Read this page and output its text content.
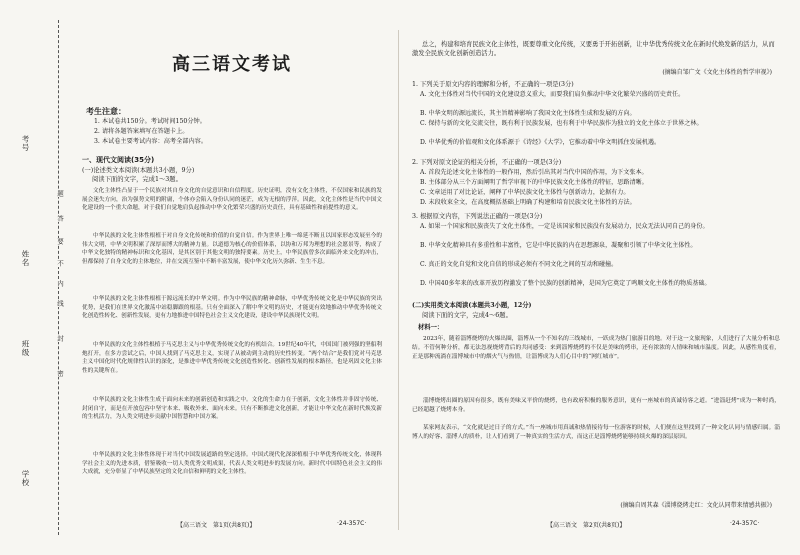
学校
班级
姓名
考号
密
封
线
内
不
要
答
题
高三语文考试
考生注意：
1. 本试卷共150分。考试时间150分钟。
2. 请将各题答案填写在答题卡上。
3. 本试卷主要考试内容：高考全部内容。
一、现代文阅读(35分)
(一)论述类文本阅读(本题共3小题，9分)
阅读下面的文字，完成1～3题。

文化主体性凸显于一个民族对其自身文化的自觉意识和自信程度。历史证明，没有文化主体性，不仅国家和民族的发展会迷失方向，治为强势文明的附庸，个体亦会陷入身份认同的迷茫，成为无根的浮萍。因此，文化主体性是当代中国文化建设的一个重大命题，对于我们自觉地肩负起推动中华文化繁荣兴盛的历史责任，具有基础性和前提性的意义。

中华民族的文化主体性根植于对自身文化传统和价值的自觉自信。作为世界上唯一绵延不断且以国家形态发展至今的伟大文明，中华文明积累了深厚而博大的精神力量。以道德为核心的价值体系，以协和万邦为理想的社会愿景等，构成了中华文化独特的精神标识和文化基因，是其区别于其他文明的独特要素。历史上，中华民族曾多次面临外来文化的冲击，但都保持了自身文化的主体地位，并在交流互鉴中不断丰富发展，使中华文化历久弥新、生生不息。

中华民族的文化主体性根植于源远流长的中华文明。作为中华民族的精神命脉，中华优秀传统文化是中华民族的突出优势，是我们在世界文化激荡中站稳脚跟的根基。只有全面深入了解中华文明的历史，才能更有效地推动中华优秀传统文化创造性转化、创新性发展，更有力地推进中国特色社会主义文化建设，建设中华民族现代文明。

中华民族的文化主体性根植于马克思主义与中华优秀传统文化的有机结合。19世纪40年代，中国国门被列强的坚船利炮打开，在多方尝试之后，中国人找到了马克思主义，实现了从被动到主动的历史性转变。“两个结合”是我们党对马克思主义中国化时代化规律性认识的深化，是推进中华优秀传统文化创造性转化、创新性发展的根本路径，也是巩固文化主体性的关键所在。

中华民族的文化主体性生成于面向未来的创新创造和实践之中。文化的生命力在于创新，文化主体性并非固守传统、封闭自守，而是在开放包容中坚守本来、吸收外来、面向未来。只有不断推进文化创新，才能让中华文化在新时代焕发新的生机活力，为人类文明进步贡献中国智慧和中国方案。

中华民族的文化主体性体现于对当代中国发展道路的坚定选择。中国式现代化深深植根于中华优秀传统文化，体现科学社会主义的先进本质，借鉴吸收一切人类优秀文明成果，代表人类文明进步的发展方向。新时代中国特色社会主义的伟大成就，充分彰显了中华民族坚定的文化自信和鲜明的文化主体性。

【高三语文　第1页(共8页)】	·24-357C·

总之，构建和培育民族文化主体性，既要尊重文化传统，又要勇于开拓创新，让中华优秀传统文化在新时代焕发新的活力，从而激发全民族文化创新创造活力。

(摘编自邹广文《文化主体性的哲学审视》)

1. 下列关于原文内容的理解和分析，不正确的一项是(3分)

A. 文化主体性对当代中国的文化建设意义重大，而要我们肩负推动中华文化繁荣兴盛的历史责任。

B. 中华文明的源远流长，其主旨精神影响了我国文化主体性生成和发展的方向。

C. 保持与新的文化交流交往，既有利于民族发展，也有利于中华民族作为独立的文化主体立于世界之林。

D. 中华优秀的价值观和文化体系源于《诗经》《大学》，它推动着中华文明抓住发展机遇。

2. 下列对原文论证的相关分析，不正确的一项是(3分)

A. 首段先论述文化主体性的一般作用，然后引出其对当代中国的作用，为下文张本。

B. 主体部分从三个方面阐明了哲学审视下的中华民族文化主体性的特征，思路清晰。

C. 文章运用了对比论证，阐释了中华民族文化主体性与创新动力，论据有力。

D. 末段收束全文，在高度概括基础上明确了构建和培育民族文化主体性的方法。

3. 根据原文内容，下列说法正确的一项是(3分)

A. 如果一个国家和民族丧失了文化主体性，一定是该国家和民族没有发展动力，民众无法认同自己的身份。

B. 中华文化精神具有多重性和丰富性，它是中华民族的内在思想源泉，凝聚和引领了中华文化主体性。

C. 真正的文化自觉和文化自信的形成必须有不同文化之间的互动和碰撞。

D. 中国40多年来的改革开放历程激发了整个民族的创新精神，是国为它奠定了鸣顺文化主体性的物质基础。

(二)实用类文本阅读(本题共3小题，12分)

阅读下面的文字，完成4～6题。

材料一：

2023年，随着淄博烧烤的火爆出圈，淄博从一个不知名的三线城市，一跃成为热门旅游目的地。对于这一文旅现象，人们进行了大量分析和总结。不管何种分析，都无法忽视烧烤背后的共同感受：来到淄博烧烤的不仅是美味的烤串，还有浓浓的人情味和城市温度。因此，从感性角度看，正是那种流淌在淄博城市中的烟火气与热情，让淄博成为人们心目中的“网红城市”。

淄博烧烤出圈的原因有很多，既有美味又平价的烧烤，也有政府积极的服务意识，更有一座城市的真诚待客之道。“进淄赶烤”成为一种时尚，已经超越了烧烤本身。

某家网友表示，“文化就是过日子的方式。”当一座城市用真诚和热情接待每一位游客的时候，人们便在这里找到了一种文化认同与情感归属。淄博人的好客、淄博人的质朴，让人们看到了一种真实的生活方式，而这正是淄博烧烤能够持续火爆的深层原因。

(摘编自周其森《淄博烧烤走红：文化认同带来情感共振》)
【高三语文　第2页(共8页)】	·24-357C·
